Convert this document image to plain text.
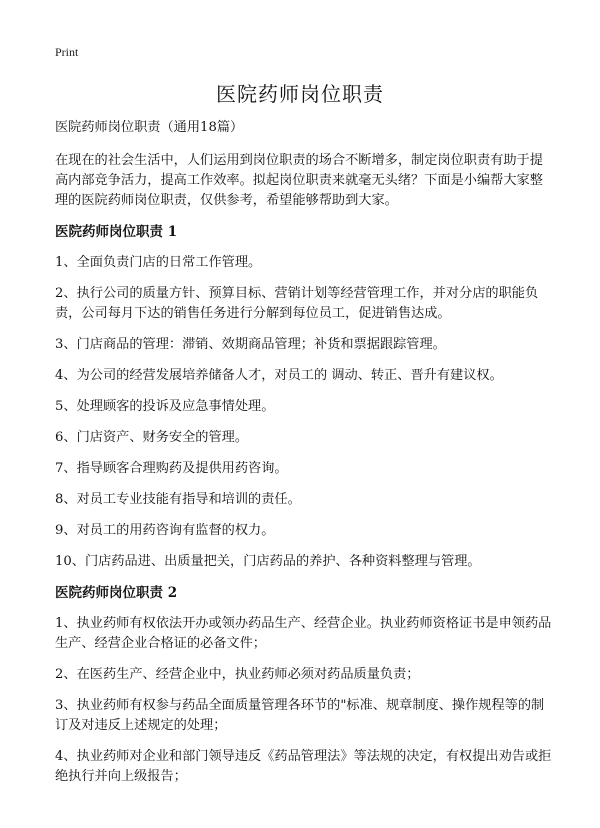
Print
医院药师岗位职责

医院药师岗位职责（通用18篇）

在现在的社会生活中，人们运用到岗位职责的场合不断增多，制定岗位职责有助于提高内部竞争活力，提高工作效率。拟起岗位职责来就毫无头绪？下面是小编帮大家整理的医院药师岗位职责，仅供参考，希望能够帮助到大家。

医院药师岗位职责 1

1、全面负责门店的日常工作管理。

2、执行公司的质量方针、预算目标、营销计划等经营管理工作，并对分店的职能负责，公司每月下达的销售任务进行分解到每位员工，促进销售达成。

3、门店商品的管理：滞销、效期商品管理；补货和票据跟踪管理。

4、为公司的经营发展培养储备人才，对员工的 调动、转正、晋升有建议权。

5、处理顾客的投诉及应急事情处理。

6、门店资产、财务安全的管理。

7、指导顾客合理购药及提供用药咨询。

8、对员工专业技能有指导和培训的责任。

9、对员工的用药咨询有监督的权力。

10、门店药品进、出质量把关，门店药品的养护、各种资料整理与管理。

医院药师岗位职责 2

1、执业药师有权依法开办或领办药品生产、经营企业。执业药师资格证书是申领药品生产、经营企业合格证的必备文件；

2、在医药生产、经营企业中，执业药师必须对药品质量负责；

3、执业药师有权参与药品全面质量管理各环节的"标准、规章制度、操作规程等的制订及对违反上述规定的处理；

4、执业药师对企业和部门领导违反《药品管理法》等法规的决定，有权提出劝告或拒绝执行并向上级报告；
